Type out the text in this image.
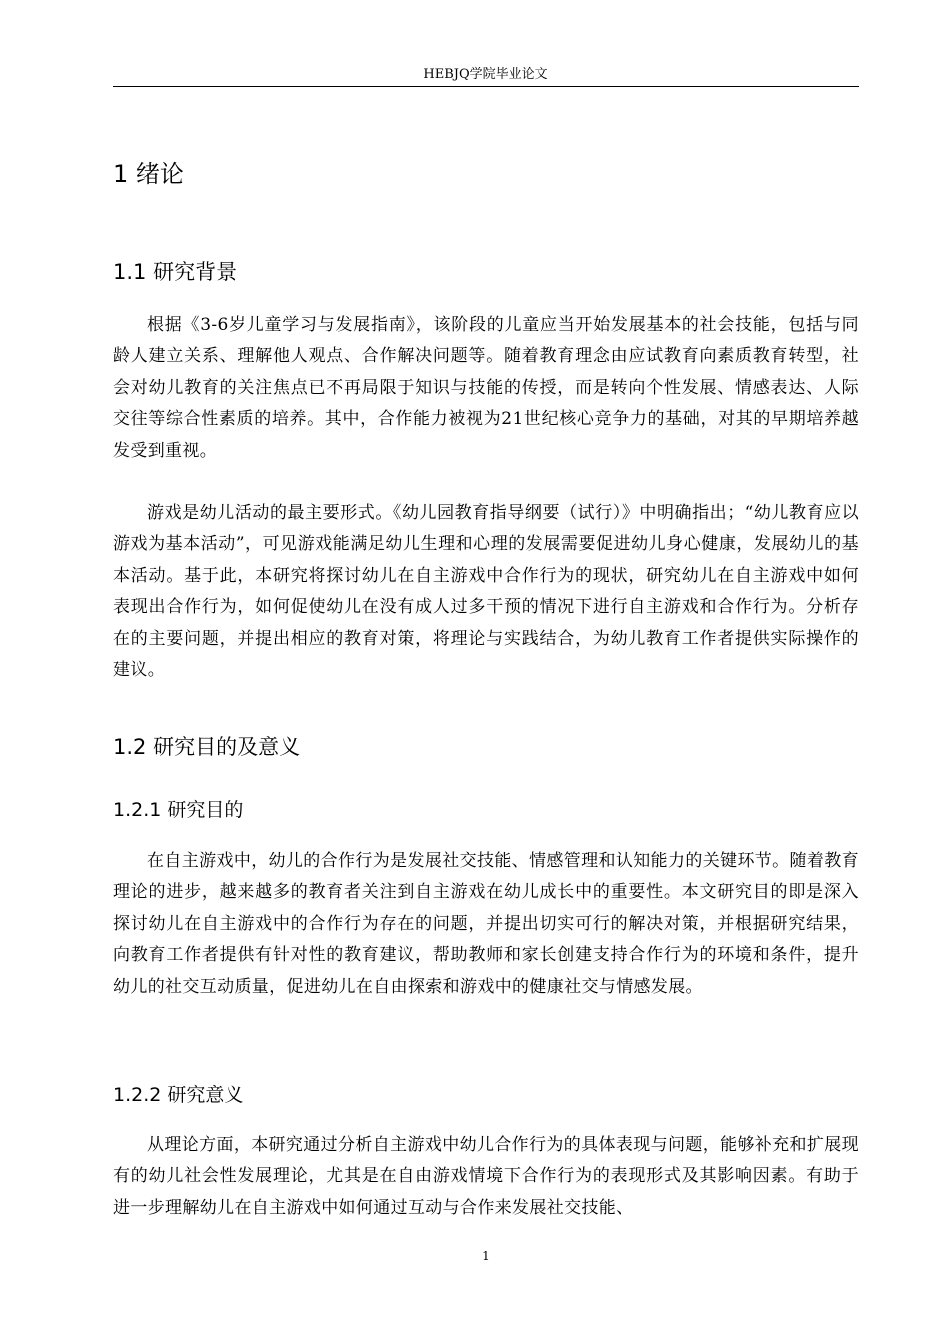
HEBJQ学院毕业论文
1 绪论
1.1 研究背景

根据《3-6岁儿童学习与发展指南》，该阶段的儿童应当开始发展基本的社会技能，包括与同龄人建立关系、理解他人观点、合作解决问题等。随着教育理念由应试教育向素质教育转型，社会对幼儿教育的关注焦点已不再局限于知识与技能的传授，而是转向个性发展、情感表达、人际交往等综合性素质的培养。其中，合作能力被视为21世纪核心竞争力的基础，对其的早期培养越发受到重视。

游戏是幼儿活动的最主要形式。《幼儿园教育指导纲要（试行）》中明确指出；“幼儿教育应以游戏为基本活动”，可见游戏能满足幼儿生理和心理的发展需要促进幼儿身心健康，发展幼儿的基本活动。基于此，本研究将探讨幼儿在自主游戏中合作行为的现状，研究幼儿在自主游戏中如何表现出合作行为，如何促使幼儿在没有成人过多干预的情况下进行自主游戏和合作行为。分析存在的主要问题，并提出相应的教育对策，将理论与实践结合，为幼儿教育工作者提供实际操作的建议。

1.2 研究目的及意义
1.2.1 研究目的

在自主游戏中，幼儿的合作行为是发展社交技能、情感管理和认知能力的关键环节。随着教育理论的进步，越来越多的教育者关注到自主游戏在幼儿成长中的重要性。本文研究目的即是深入探讨幼儿在自主游戏中的合作行为存在的问题，并提出切实可行的解决对策，并根据研究结果，向教育工作者提供有针对性的教育建议，帮助教师和家长创建支持合作行为的环境和条件，提升幼儿的社交互动质量，促进幼儿在自由探索和游戏中的健康社交与情感发展。

1.2.2 研究意义

从理论方面，本研究通过分析自主游戏中幼儿合作行为的具体表现与问题，能够补充和扩展现有的幼儿社会性发展理论，尤其是在自由游戏情境下合作行为的表现形式及其影响因素。有助于进一步理解幼儿在自主游戏中如何通过互动与合作来发展社交技能、

1
